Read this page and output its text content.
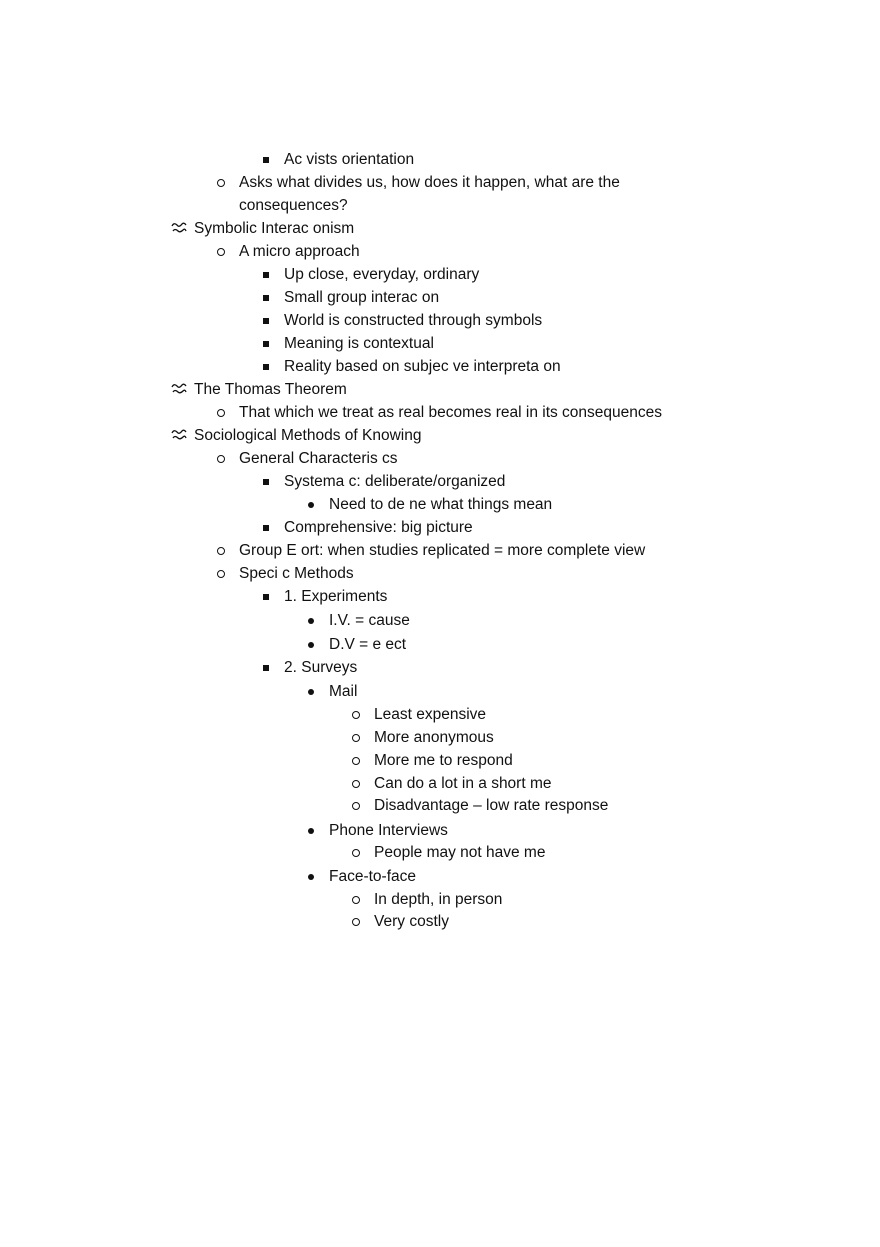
Ac vists orientation
Asks what divides us, how does it happen, what are the
consequences?
Symbolic Interac onism
A micro approach
Up close, everyday, ordinary
Small group interac on
World is constructed through symbols
Meaning is contextual
Reality based on subjec ve interpreta on
The Thomas Theorem
That which we treat as real becomes real in its consequences
Sociological Methods of Knowing
General Characteris cs
Systema c: deliberate/organized
Need to de ne what things mean
Comprehensive: big picture
Group E ort: when studies replicated = more complete view
Speci c Methods
1. Experiments
I.V. = cause
D.V = e ect
2. Surveys
Mail
Least expensive
More anonymous
More me to respond
Can do a lot in a short me
Disadvantage – low rate response
Phone Interviews
People may not have me
Face-to-face
In depth, in person
Very costly
